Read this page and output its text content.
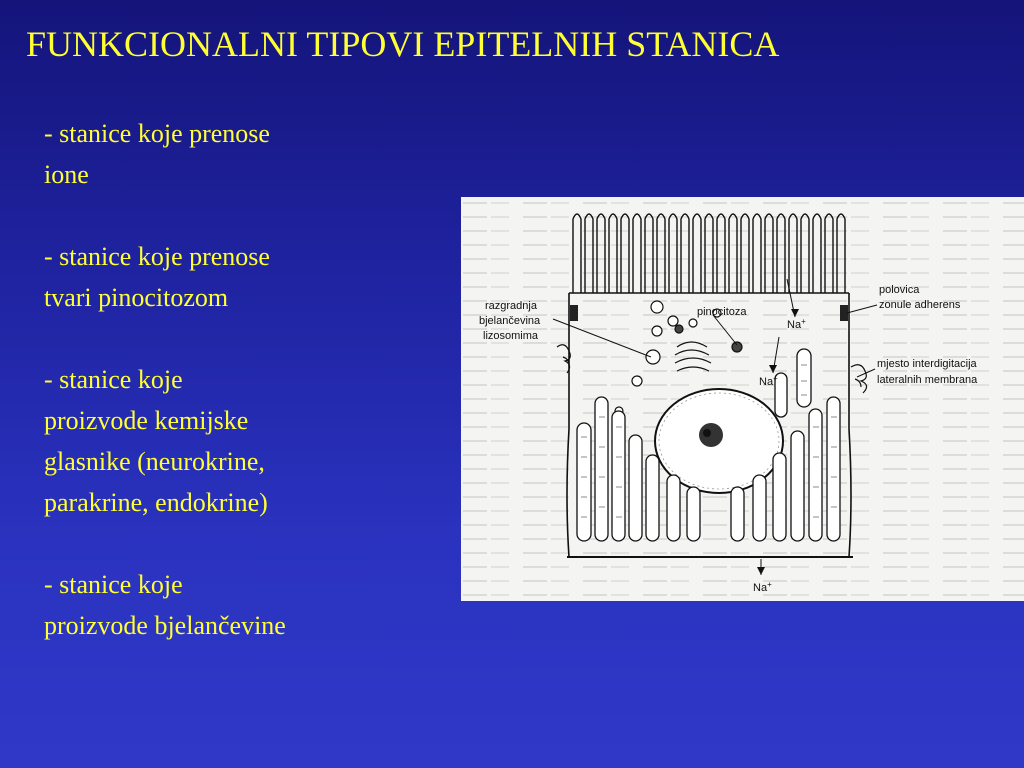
FUNKCIONALNI TIPOVI EPITELNIH STANICA

- stanice koje prenose
ione

- stanice koje prenose
tvari pinocitozom

- stanice koje
proizvode kemijske
glasnike (neurokrine,
parakrine, endokrine)

- stanice koje
proizvode bjelančevine

razgradnja
bjelančevina
lizosomima
pinocitoza
Na+
Na+
Na+
polovica
zonule adherens
mjesto interdigitacija
lateralnih membrana
